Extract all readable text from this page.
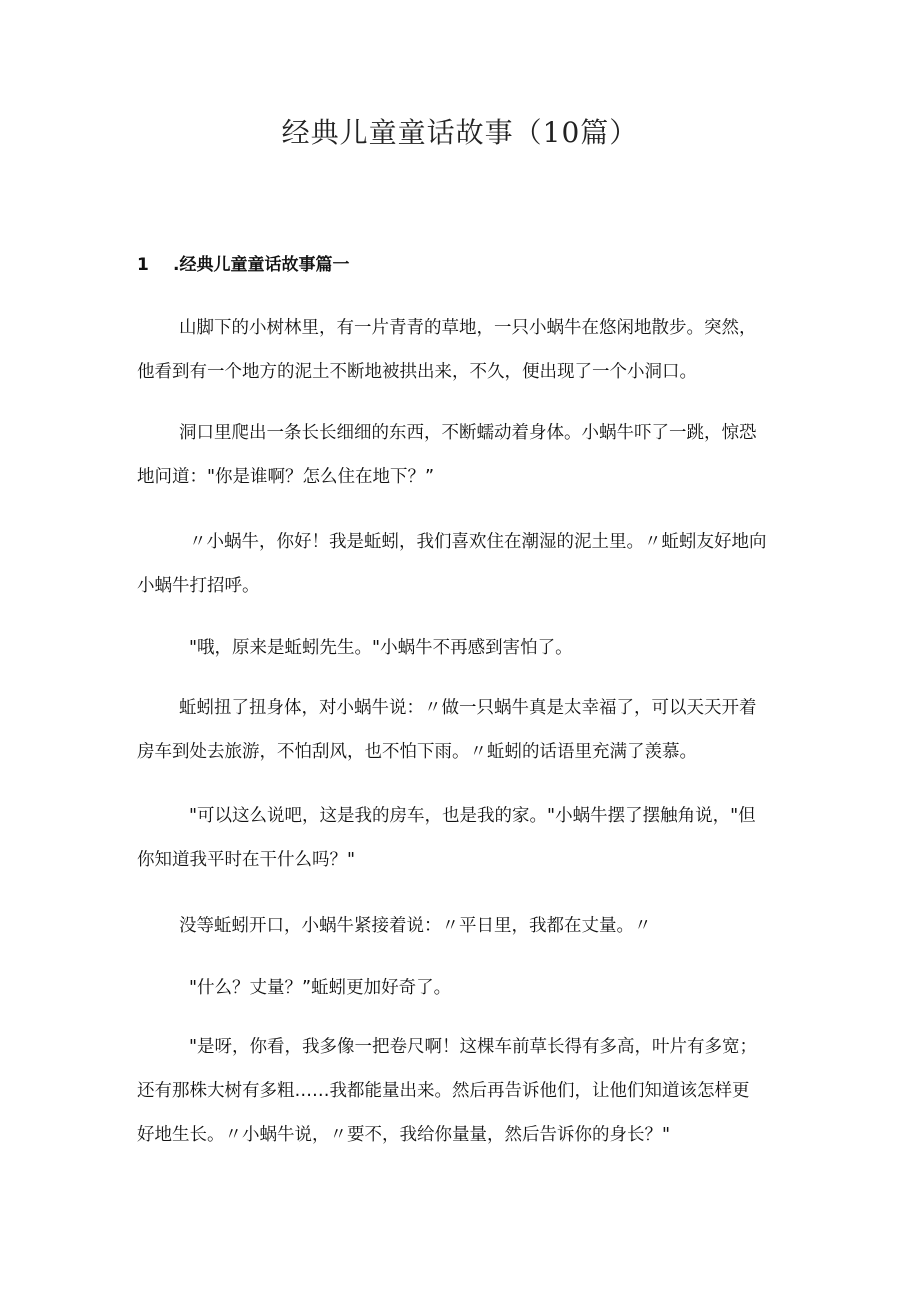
经典儿童童话故事（10篇）
1 .经典儿童童话故事篇一
山脚下的小树林里，有一片青青的草地，一只小蜗牛在悠闲地散步。突然，
他看到有一个地方的泥土不断地被拱出来，不久，便出现了一个小洞口。
洞口里爬出一条长长细细的东西，不断蠕动着身体。小蜗牛吓了一跳，惊恐
地问道："你是谁啊？怎么住在地下？”
〃小蜗牛，你好！我是蚯蚓，我们喜欢住在潮湿的泥土里。〃蚯蚓友好地向
小蜗牛打招呼。
"哦，原来是蚯蚓先生。"小蜗牛不再感到害怕了。
蚯蚓扭了扭身体，对小蜗牛说：〃做一只蜗牛真是太幸福了，可以天天开着
房车到处去旅游，不怕刮风，也不怕下雨。〃蚯蚓的话语里充满了羡慕。
"可以这么说吧，这是我的房车，也是我的家。"小蜗牛摆了摆触角说，"但
你知道我平时在干什么吗？"
没等蚯蚓开口，小蜗牛紧接着说：〃平日里，我都在丈量。〃
"什么？丈量？”蚯蚓更加好奇了。
"是呀，你看，我多像一把卷尺啊！这棵车前草长得有多高，叶片有多宽；
还有那株大树有多粗……我都能量出来。然后再告诉他们，让他们知道该怎样更
好地生长。〃小蜗牛说，〃要不，我给你量量，然后告诉你的身长？"
